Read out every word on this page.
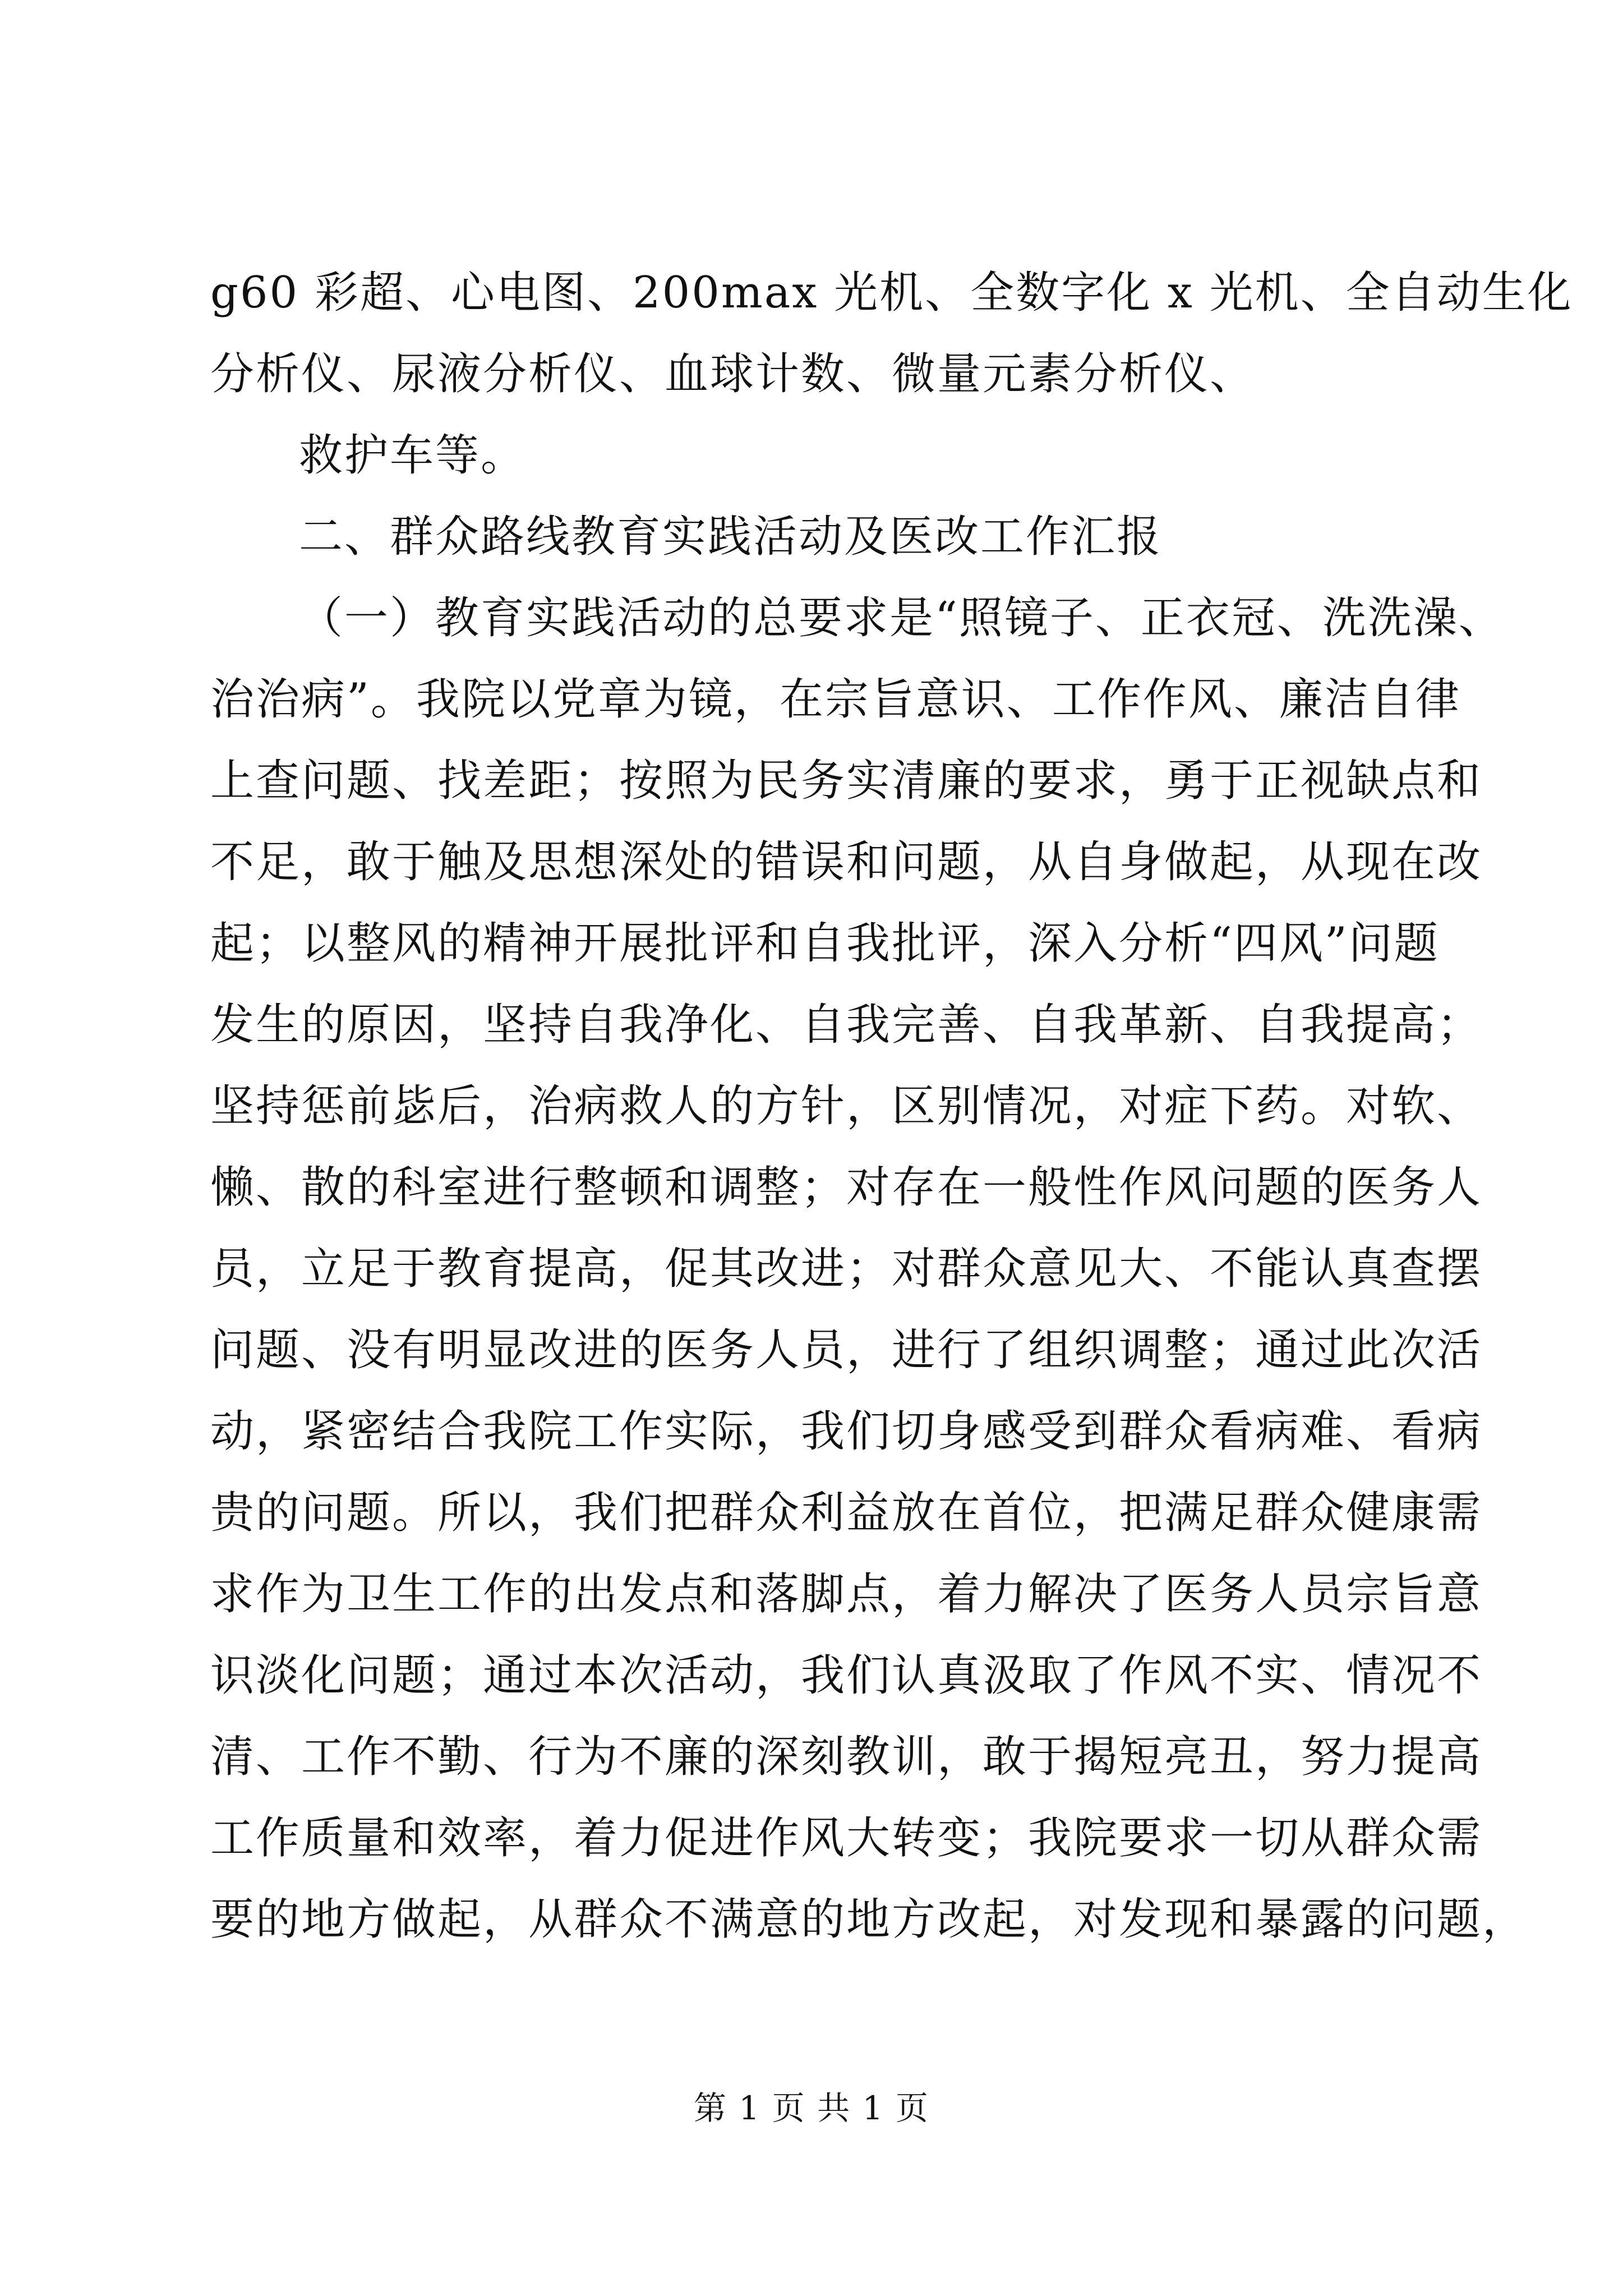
g60 彩超、心电图、200max 光机、全数字化 x 光机、全自动生化
分析仪、尿液分析仪、血球计数、微量元素分析仪、
救护车等。
二、群众路线教育实践活动及医改工作汇报
（一）教育实践活动的总要求是“照镜子、正衣冠、洗洗澡、
治治病”。我院以党章为镜，在宗旨意识、工作作风、廉洁自律
上查问题、找差距；按照为民务实清廉的要求，勇于正视缺点和
不足，敢于触及思想深处的错误和问题，从自身做起，从现在改
起；以整风的精神开展批评和自我批评，深入分析“四风”问题
发生的原因，坚持自我净化、自我完善、自我革新、自我提高；
坚持惩前毖后，治病救人的方针，区别情况，对症下药。对软、
懒、散的科室进行整顿和调整；对存在一般性作风问题的医务人
员，立足于教育提高，促其改进；对群众意见大、不能认真查摆
问题、没有明显改进的医务人员，进行了组织调整；通过此次活
动，紧密结合我院工作实际，我们切身感受到群众看病难、看病
贵的问题。所以，我们把群众利益放在首位，把满足群众健康需
求作为卫生工作的出发点和落脚点，着力解决了医务人员宗旨意
识淡化问题；通过本次活动，我们认真汲取了作风不实、情况不
清、工作不勤、行为不廉的深刻教训，敢于揭短亮丑，努力提高
工作质量和效率，着力促进作风大转变；我院要求一切从群众需
要的地方做起，从群众不满意的地方改起，对发现和暴露的问题，
第 1 页 共 1 页
